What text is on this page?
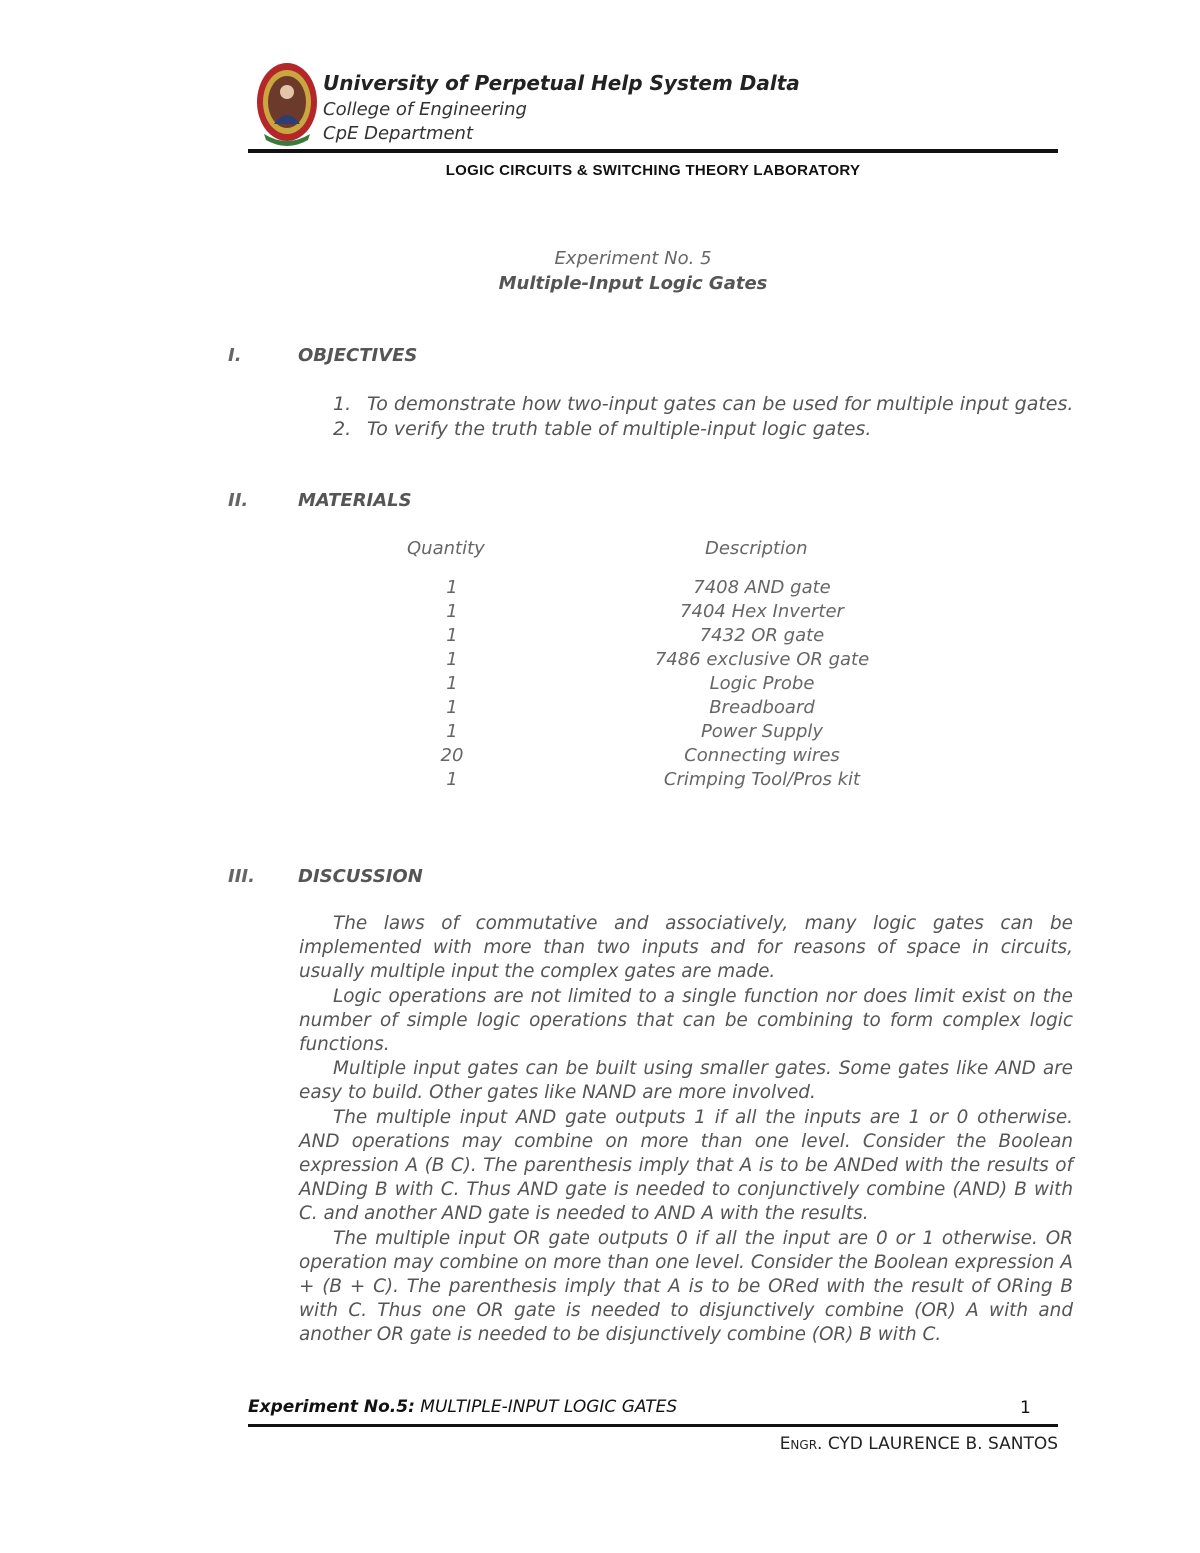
University of Perpetual Help System Dalta
College of Engineering
CpE Department
LOGIC CIRCUITS & SWITCHING THEORY LABORATORY
Experiment No. 5
Multiple-Input Logic Gates
I.	OBJECTIVES
1. To demonstrate how two-input gates can be used for multiple input gates.
2. To verify the truth table of multiple-input logic gates.
II.	MATERIALS
Quantity	Description
1	7408 AND gate
1	7404 Hex Inverter
1	7432 OR gate
1	7486 exclusive OR gate
1	Logic Probe
1	Breadboard
1	Power Supply
20	Connecting wires
1	Crimping Tool/Pros kit
III. DISCUSSION

The laws of commutative and associatively, many logic gates can be implemented with more than two inputs and for reasons of space in circuits, usually multiple input the complex gates are made.

Logic operations are not limited to a single function nor does limit exist on the number of simple logic operations that can be combining to form complex logic functions.

Multiple input gates can be built using smaller gates. Some gates like AND are easy to build. Other gates like NAND are more involved.

The multiple input AND gate outputs 1 if all the inputs are 1 or 0 otherwise. AND operations may combine on more than one level. Consider the Boolean expression A (B C). The parenthesis imply that A is to be ANDed with the results of ANDing B with C. Thus AND gate is needed to conjunctively combine (AND) B with C. and another AND gate is needed to AND A with the results.

The multiple input OR gate outputs 0 if all the input are 0 or 1 otherwise. OR operation may combine on more than one level. Consider the Boolean expression A + (B + C). The parenthesis imply that A is to be ORed with the result of ORing B with C. Thus one OR gate is needed to disjunctively combine (OR) A with and another OR gate is needed to be disjunctively combine (OR) B with C.

Experiment No.5: MULTIPLE-INPUT LOGIC GATES	1
Engr. CYD LAURENCE B. SANTOS
